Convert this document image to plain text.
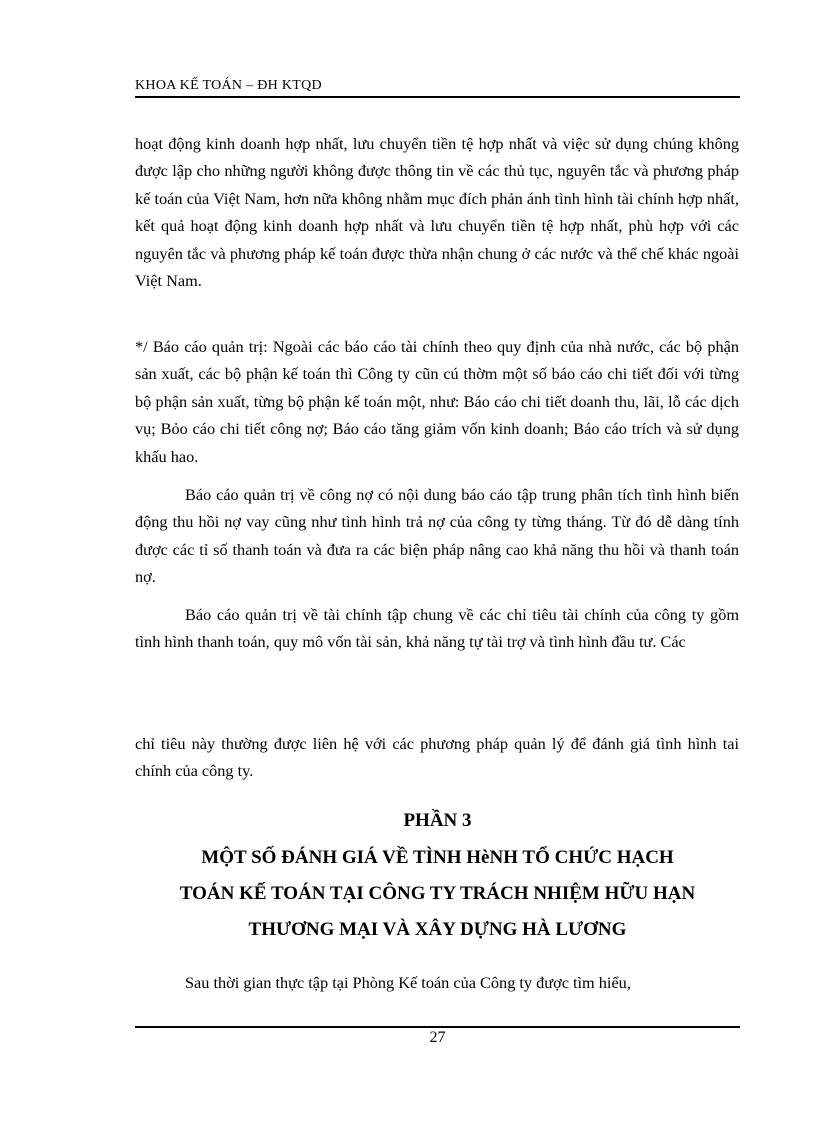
KHOA KẾ TOÁN – ĐH KTQD

hoạt động kinh doanh hợp nhất, lưu chuyển tiền tệ hợp nhất và việc sử dụng chúng không được lập cho những người không được thông tin về các thủ tục, nguyên tắc và phương pháp kế toán của Việt Nam, hơn nữa không nhằm mục đích phản ánh tình hình tài chính hợp nhất, kết quả hoạt động kinh doanh hợp nhất và lưu chuyển tiền tệ hợp nhất, phù hợp với các nguyên tắc và phương pháp kế toán được thừa nhận chung ở các nước và thể chế khác ngoài Việt Nam.

*/ Báo cáo quản trị: Ngoài các báo cáo tài chính theo quy định của nhà nước, các bộ phận sản xuất, các bộ phận kế toán thì Công ty cũn cú thờm một số báo cáo chi tiết đối với từng bộ phận sản xuất, từng bộ phận kế toán một, như: Báo cáo chi tiết doanh thu, lãi, lỗ các dịch vụ; Bỏo cáo chi tiết công nợ; Báo cáo tăng giảm vốn kinh doanh; Báo cáo trích và sử dụng khấu hao.

Báo cáo quản trị về công nợ có nội dung báo cáo tập trung phân tích tình hình biến động thu hồi nợ vay cũng như tình hình trả nợ của công ty từng tháng. Từ đó dễ dàng tính được các tỉ số thanh toán và đưa ra các biện pháp nâng cao khả năng thu hồi và thanh toán nợ.

Báo cáo quản trị về tài chính tập chung về các chỉ tiêu tài chính của công ty gồm tình hình thanh toán, quy mô vốn tài sản, khả năng tự tài trợ và tình hình đầu tư. Các

chỉ tiêu này thường được liên hệ với các phương pháp quản lý để đánh giá tình hình tai chính của công ty.

PHẦN 3
MỘT SỐ ĐÁNH GIÁ VỀ TÌNH HèNH TỔ CHỨC HẠCH
TOÁN KẾ TOÁN TẠI CÔNG TY TRÁCH NHIỆM HỮU HẠN
THƯƠNG MẠI VÀ XÂY DỰNG HÀ LƯƠNG

Sau thời gian thực tập tại Phòng Kế toán của Công ty được tìm hiểu,

27
